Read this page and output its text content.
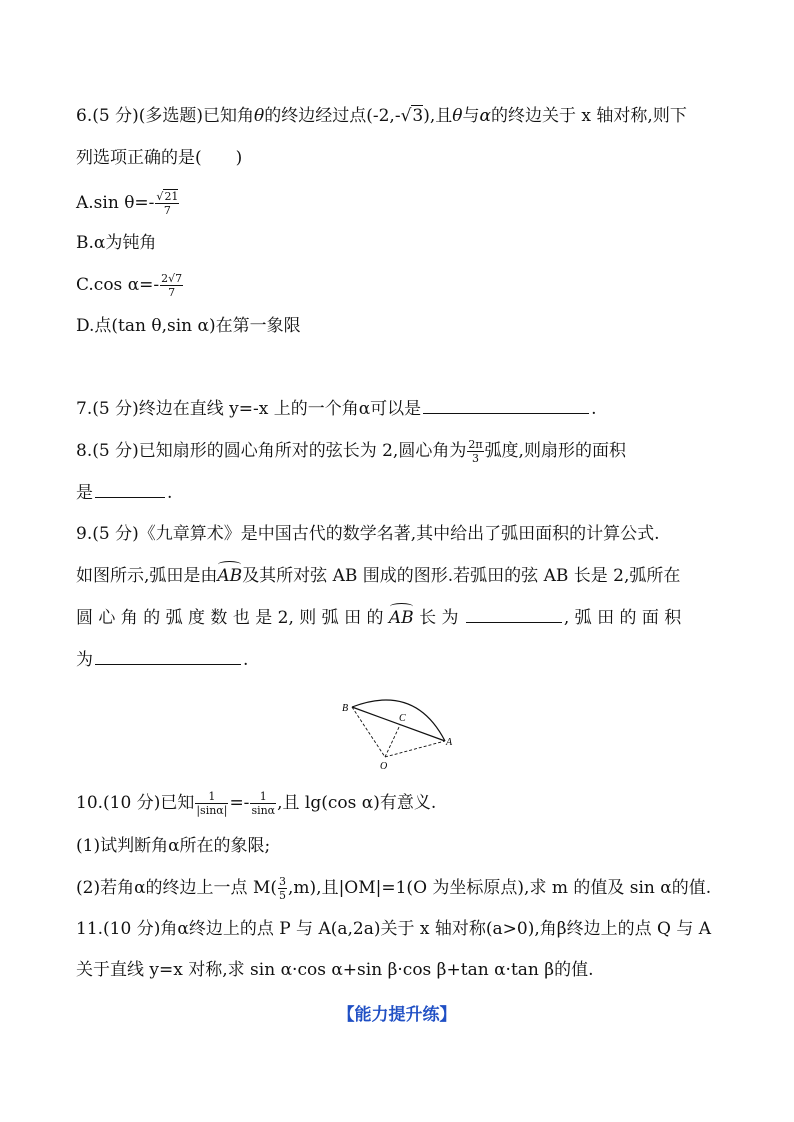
6.(5 分)(多选题)已知角θ的终边经过点(-2,-√3),且θ与α的终边关于 x 轴对称,则下
列选项正确的是(　　)
A.sin $\theta=- \frac{√21}{7}$
B.α为钝角
C.cos $\alpha=- \frac{2√7}{7}$
D.点(tan θ,sin α)在第一象限
7.(5 分)终边在直线 y=-x 上的一个角α可以是	.
8.(5 分)已知扇形的圆心角所对的弦长为 2,圆心角为 $\frac{2\pi}{3}$ 弧度,则扇形的面积
是	.
9.(5 分)《九章算术》是中国古代的数学名著,其中给出了弧田面积的计算公式.
如图所示,弧田是由AB及其所对弦 AB 围成的图形.若弧田的弦 AB 长是 2,弧所在
圆 心 角 的 弧 度 数 也 是 2, 则 弧 田 的 AB 长 为	, 弧 田 的 面 积
为	.
B
C
A
O
10.(10 分)已知 $\frac{1}{|\sin\alpha|} =- \frac{1}{\sin\alpha}$ ,且 lg(cos α)有意义.
(1)试判断角α所在的象限;
(2)若角α的终边上一点 $M( \frac{3}{5} ,m)$,且|OM|=1(O 为坐标原点),求 m 的值及 sin α的值.
11.(10 分)角α终边上的点 P 与 A(a,2a)关于 x 轴对称(a>0),角β终边上的点 Q 与 A
关于直线 y=x 对称,求 sin α·cos α+sin β·cos β+tan α·tan β的值.
【能力提升练】
